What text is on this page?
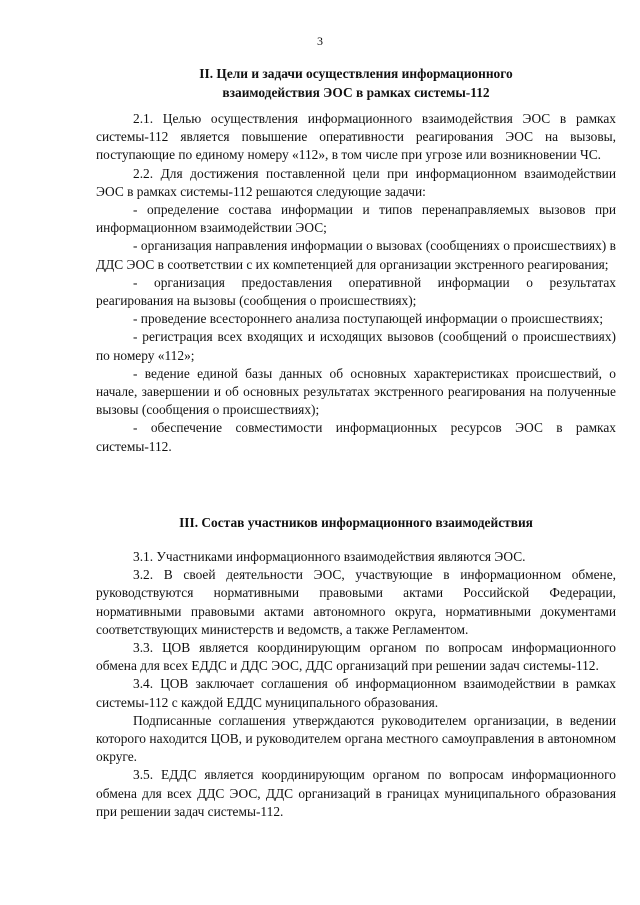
3
II. Цели и задачи осуществления информационного
взаимодействия ЭОС в рамках системы-112

2.1. Целью осуществления информационного взаимодействия ЭОС в рамках системы-112 является повышение оперативности реагирования ЭОС на вызовы, поступающие по единому номеру «112», в том числе при угрозе или возникновении ЧС.

2.2. Для достижения поставленной цели при информационном взаимодействии ЭОС в рамках системы-112 решаются следующие задачи:

- определение состава информации и типов перенаправляемых вызовов при информационном взаимодействии ЭОС;

- организация направления информации о вызовах (сообщениях о происшествиях) в ДДС ЭОС в соответствии с их компетенцией для организации экстренного реагирования;

- организация предоставления оперативной информации о результатах реагирования на вызовы (сообщения о происшествиях);

- проведение всестороннего анализа поступающей информации о происшествиях;

- регистрация всех входящих и исходящих вызовов (сообщений о происшествиях) по номеру «112»;

- ведение единой базы данных об основных характеристиках происшествий, о начале, завершении и об основных результатах экстренного реагирования на полученные вызовы (сообщения о происшествиях);

- обеспечение совместимости информационных ресурсов ЭОС в рамках системы-112.

III. Состав участников информационного взаимодействия

3.1. Участниками информационного взаимодействия являются ЭОС.

3.2. В своей деятельности ЭОС, участвующие в информационном обмене, руководствуются нормативными правовыми актами Российской Федерации, нормативными правовыми актами автономного округа, нормативными документами соответствующих министерств и ведомств, а также Регламентом.

3.3. ЦОВ является координирующим органом по вопросам информационного обмена для всех ЕДДС и ДДС ЭОС, ДДС организаций при решении задач системы-112.

3.4. ЦОВ заключает соглашения об информационном взаимодействии в рамках системы-112 с каждой ЕДДС муниципального образования.

Подписанные соглашения утверждаются руководителем организации, в ведении которого находится ЦОВ, и руководителем органа местного самоуправления в автономном округе.

3.5. ЕДДС является координирующим органом по вопросам информационного обмена для всех ДДС ЭОС, ДДС организаций в границах муниципального образования при решении задач системы-112.
